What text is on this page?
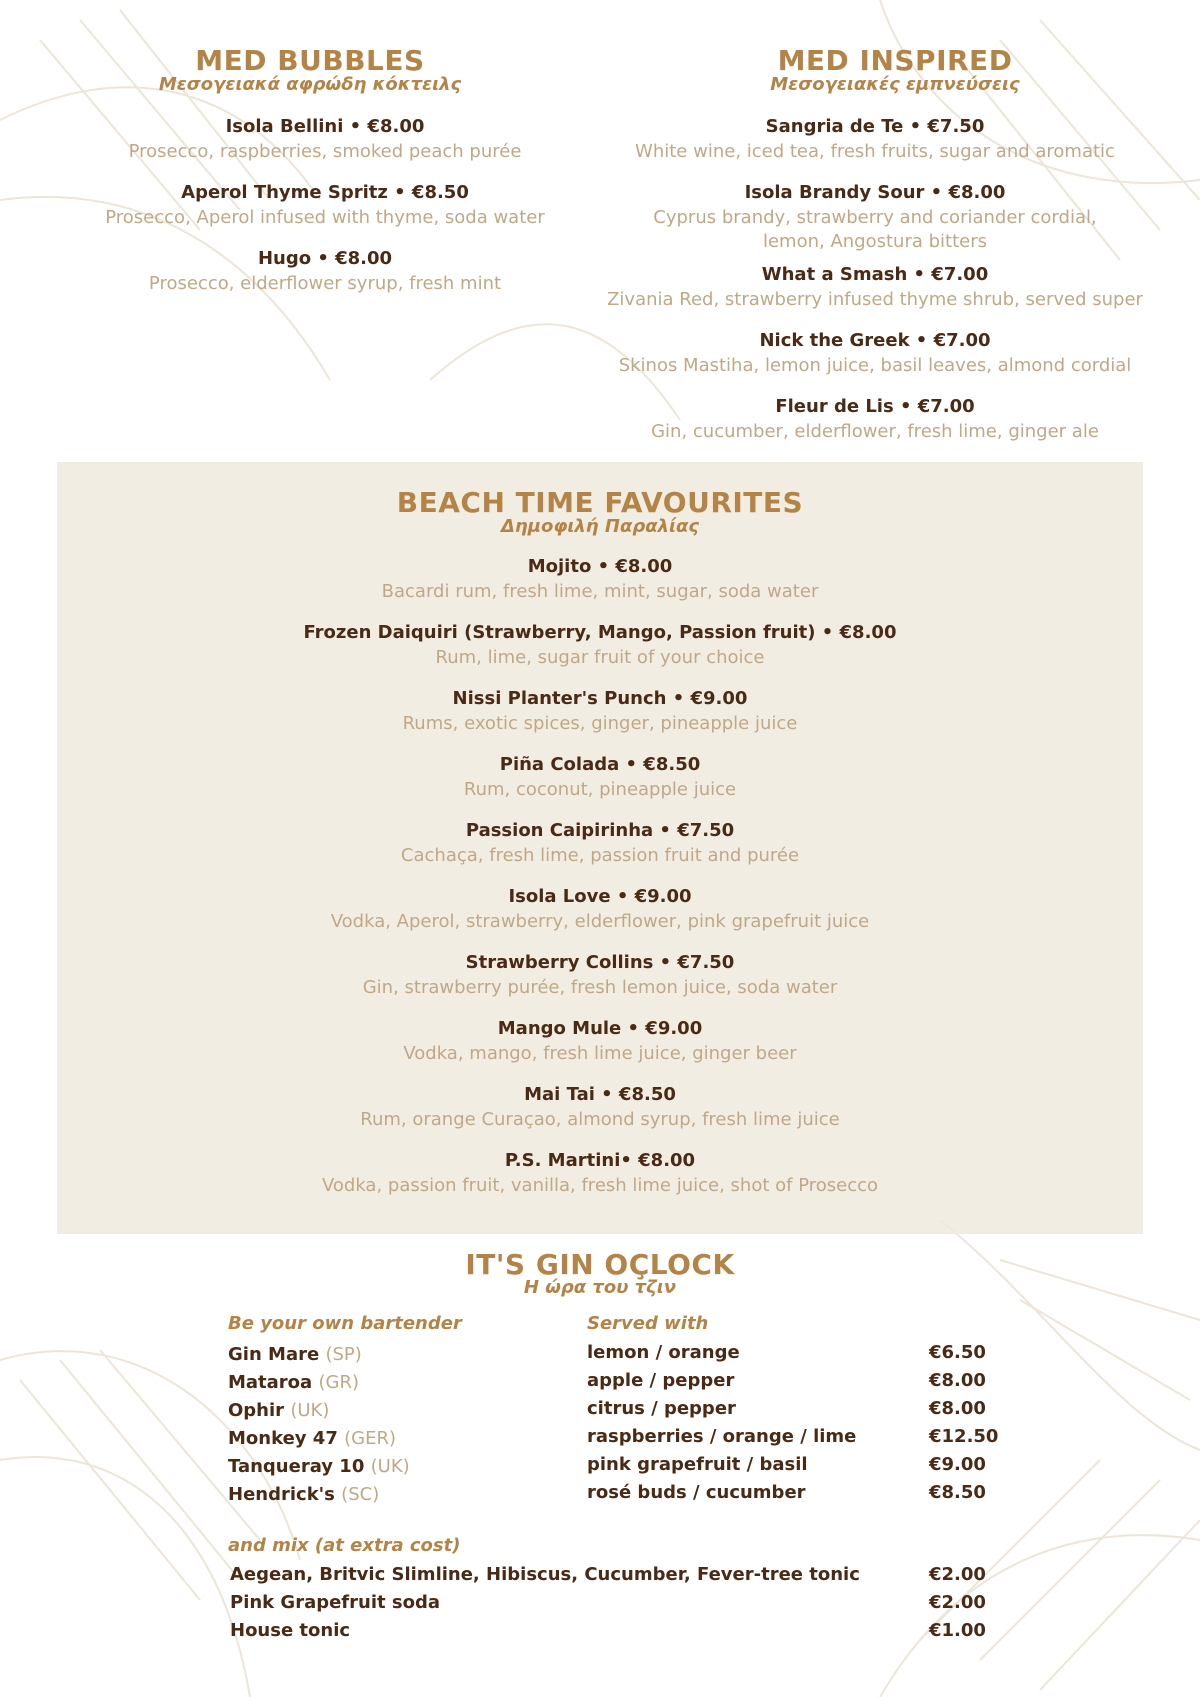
MED BUBBLES
Μεσογειακά αφρώδη κόκτειλς
Isola Bellini • €8.00
Prosecco, raspberries, smoked peach purée
Aperol Thyme Spritz • €8.50
Prosecco, Aperol infused with thyme, soda water
Hugo • €8.00
Prosecco, elderflower syrup, fresh mint
MED INSPIRED
Μεσογειακές εμπνεύσεις
Sangria de Te • €7.50
White wine, iced tea, fresh fruits, sugar and aromatic
Isola Brandy Sour • €8.00
Cyprus brandy, strawberry and coriander cordial, lemon, Angostura bitters
What a Smash • €7.00
Zivania Red, strawberry infused thyme shrub, served super
Nick the Greek • €7.00
Skinos Mastiha, lemon juice, basil leaves, almond cordial
Fleur de Lis • €7.00
Gin, cucumber, elderflower, fresh lime, ginger ale
BEACH TIME FAVOURITES
Δημοφιλή Παραλίας
Mojito • €8.00
Bacardi rum, fresh lime, mint, sugar, soda water
Frozen Daiquiri (Strawberry, Mango, Passion fruit) • €8.00
Rum, lime, sugar fruit of your choice
Nissi Planter's Punch • €9.00
Rums, exotic spices, ginger, pineapple juice
Piña Colada • €8.50
Rum, coconut, pineapple juice
Passion Caipirinha • €7.50
Cachaça, fresh lime, passion fruit and purée
Isola Love • €9.00
Vodka, Aperol, strawberry, elderflower, pink grapefruit juice
Strawberry Collins • €7.50
Gin, strawberry purée, fresh lemon juice, soda water
Mango Mule • €9.00
Vodka, mango, fresh lime juice, ginger beer
Mai Tai • €8.50
Rum, orange Curaçao, almond syrup, fresh lime juice
P.S. Martini• €8.00
Vodka, passion fruit, vanilla, fresh lime juice, shot of Prosecco
IT'S GIN OÇLOCK
Η ώρα του τζιν
Be your own bartender	Served with
Gin Mare (SP)	lemon / orange	€6.50
Mataroa (GR)	apple / pepper	€8.00
Ophir (UK)	citrus / pepper	€8.00
Monkey 47 (GER)	raspberries / orange / lime	€12.50
Tanqueray 10 (UK)	pink grapefruit / basil	€9.00
Hendrick's (SC)	rosé buds / cucumber	€8.50
and mix (at extra cost)
Aegean, Britvic Slimline, Hibiscus, Cucumber, Fever-tree tonic	€2.00
Pink Grapefruit soda	€2.00
House tonic	€1.00
